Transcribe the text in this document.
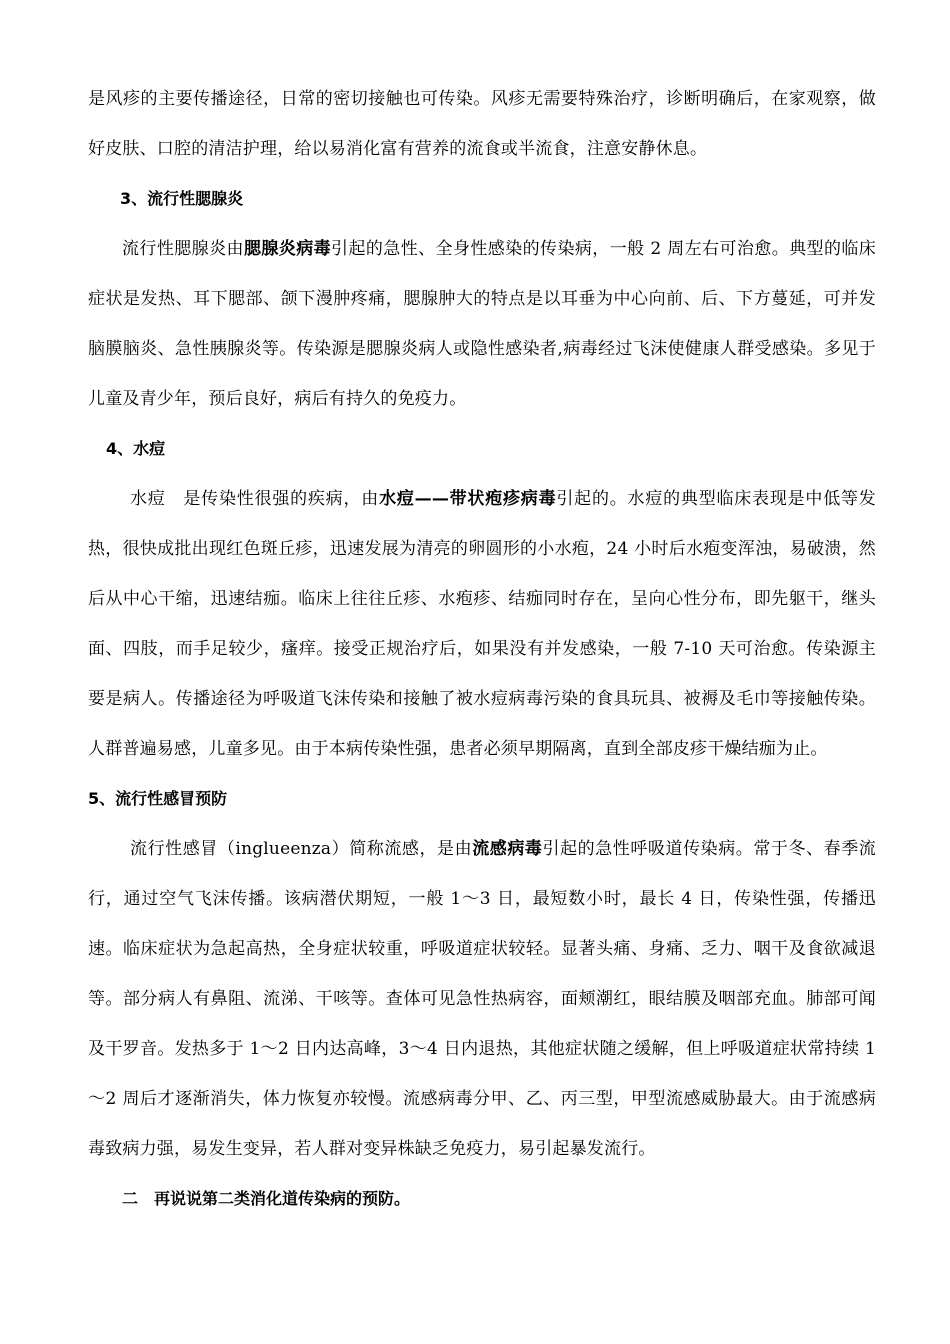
是风疹的主要传播途径，日常的密切接触也可传染。风疹无需要特殊治疗，诊断明确后，在家观察，做好皮肤、口腔的清洁护理，给以易消化富有营养的流食或半流食，注意安静休息。

3、流行性腮腺炎

流行性腮腺炎由腮腺炎病毒引起的急性、全身性感染的传染病，一般 2 周左右可治愈。典型的临床症状是发热、耳下腮部、颌下漫肿疼痛，腮腺肿大的特点是以耳垂为中心向前、后、下方蔓延，可并发脑膜脑炎、急性胰腺炎等。传染源是腮腺炎病人或隐性感染者,病毒经过飞沫使健康人群受感染。多见于儿童及青少年，预后良好，病后有持久的免疫力。

4、水痘

水痘　是传染性很强的疾病，由水痘——带状疱疹病毒引起的。水痘的典型临床表现是中低等发热，很快成批出现红色斑丘疹，迅速发展为清亮的卵圆形的小水疱，24 小时后水疱变浑浊，易破溃，然后从中心干缩，迅速结痂。临床上往往丘疹、水疱疹、结痂同时存在，呈向心性分布，即先躯干，继头面、四肢，而手足较少，瘙痒。接受正规治疗后，如果没有并发感染，一般 7-10 天可治愈。传染源主要是病人。传播途径为呼吸道飞沫传染和接触了被水痘病毒污染的食具玩具、被褥及毛巾等接触传染。人群普遍易感，儿童多见。由于本病传染性强，患者必须早期隔离，直到全部皮疹干燥结痂为止。

5、流行性感冒预防

流行性感冒（inglueenza）简称流感，是由流感病毒引起的急性呼吸道传染病。常于冬、春季流行，通过空气飞沫传播。该病潜伏期短，一般 1～3 日，最短数小时，最长 4 日，传染性强，传播迅速。临床症状为急起高热，全身症状较重，呼吸道症状较轻。显著头痛、身痛、乏力、咽干及食欲减退等。部分病人有鼻阻、流涕、干咳等。查体可见急性热病容，面颊潮红，眼结膜及咽部充血。肺部可闻及干罗音。发热多于 1～2 日内达高峰，3～4 日内退热，其他症状随之缓解，但上呼吸道症状常持续 1～2 周后才逐渐消失，体力恢复亦较慢。流感病毒分甲、乙、丙三型，甲型流感威胁最大。由于流感病毒致病力强，易发生变异，若人群对变异株缺乏免疫力，易引起暴发流行。

二　再说说第二类消化道传染病的预防。
